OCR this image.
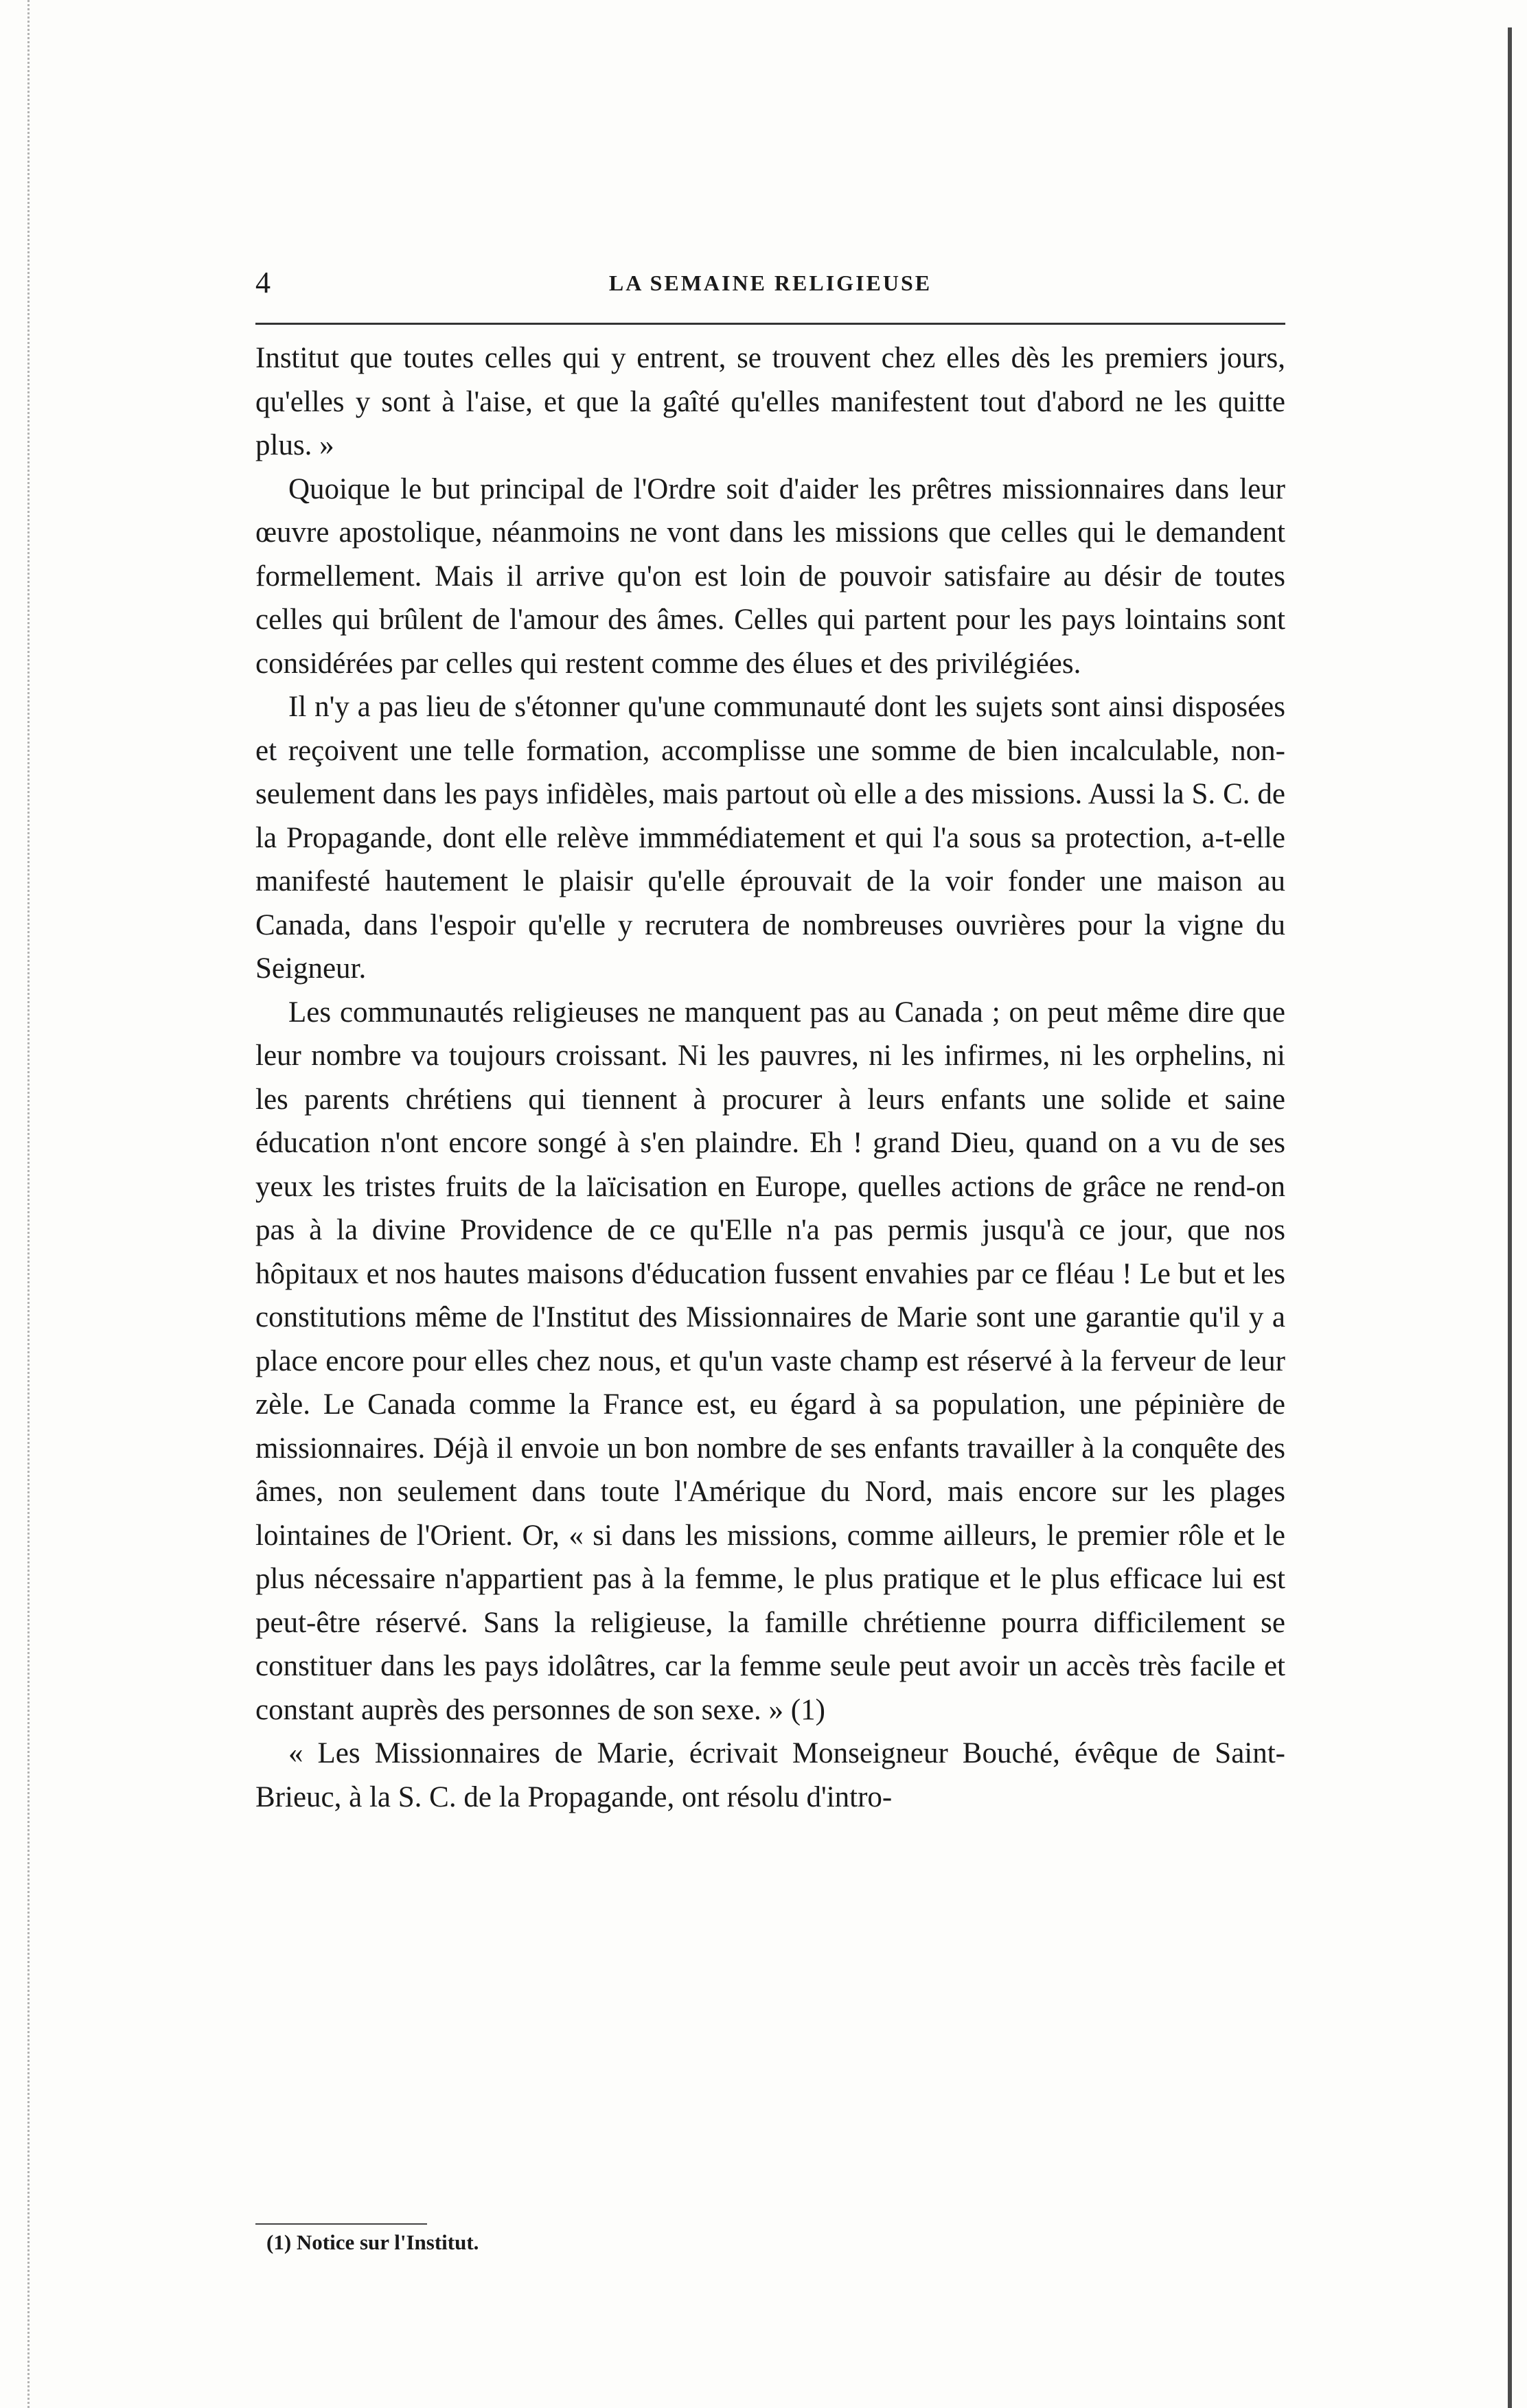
4	LA SEMAINE RELIGIEUSE

Institut que toutes celles qui y entrent, se trouvent chez elles dès les premiers jours, qu'elles y sont à l'aise, et que la gaîté qu'elles manifestent tout d'abord ne les quitte plus. »

Quoique le but principal de l'Ordre soit d'aider les prêtres missionnaires dans leur œuvre apostolique, néanmoins ne vont dans les missions que celles qui le demandent formellement. Mais il arrive qu'on est loin de pouvoir satisfaire au désir de toutes celles qui brûlent de l'amour des âmes. Celles qui partent pour les pays lointains sont considérées par celles qui restent comme des élues et des privilégiées.

Il n'y a pas lieu de s'étonner qu'une communauté dont les sujets sont ainsi disposées et reçoivent une telle formation, accomplisse une somme de bien incalculable, non-seulement dans les pays infidèles, mais partout où elle a des missions. Aussi la S. C. de la Propagande, dont elle relève immmédiatement et qui l'a sous sa protection, a-t-elle manifesté hautement le plaisir qu'elle éprouvait de la voir fonder une maison au Canada, dans l'espoir qu'elle y recrutera de nombreuses ouvrières pour la vigne du Seigneur.

Les communautés religieuses ne manquent pas au Canada ; on peut même dire que leur nombre va toujours croissant. Ni les pauvres, ni les infirmes, ni les orphelins, ni les parents chrétiens qui tiennent à procurer à leurs enfants une solide et saine éducation n'ont encore songé à s'en plaindre. Eh ! grand Dieu, quand on a vu de ses yeux les tristes fruits de la laïcisation en Europe, quelles actions de grâce ne rend-on pas à la divine Providence de ce qu'Elle n'a pas permis jusqu'à ce jour, que nos hôpitaux et nos hautes maisons d'éducation fussent envahies par ce fléau ! Le but et les constitutions même de l'Institut des Missionnaires de Marie sont une garantie qu'il y a place encore pour elles chez nous, et qu'un vaste champ est réservé à la ferveur de leur zèle. Le Canada comme la France est, eu égard à sa population, une pépinière de missionnaires. Déjà il envoie un bon nombre de ses enfants travailler à la conquête des âmes, non seulement dans toute l'Amérique du Nord, mais encore sur les plages lointaines de l'Orient. Or, « si dans les missions, comme ailleurs, le premier rôle et le plus nécessaire n'appartient pas à la femme, le plus pratique et le plus efficace lui est peut-être réservé. Sans la religieuse, la famille chrétienne pourra difficilement se constituer dans les pays idolâtres, car la femme seule peut avoir un accès très facile et constant auprès des personnes de son sexe. » (1)

« Les Missionnaires de Marie, écrivait Monseigneur Bouché, évêque de Saint-Brieuc, à la S. C. de la Propagande, ont résolu d'intro-

(1) Notice sur l'Institut.
